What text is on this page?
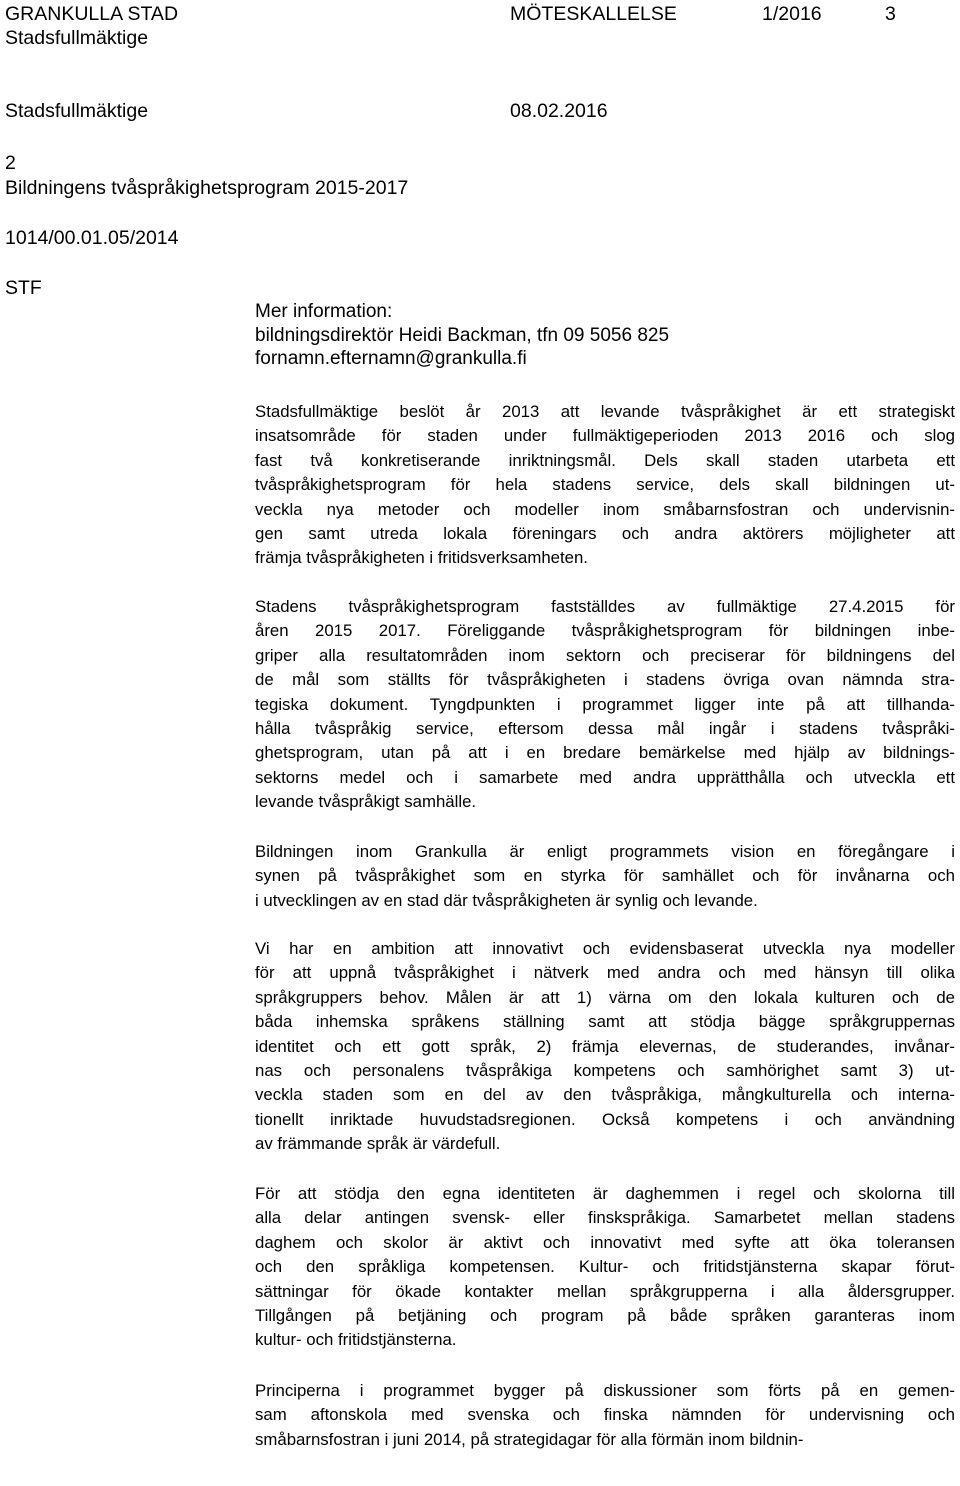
GRANKULLA STAD	MÖTESKALLELSE	1/2016	3
Stadsfullmäktige
Stadsfullmäktige	08.02.2016
2
Bildningens tvåspråkighetsprogram 2015-2017
1014/00.01.05/2014
STF
Mer information:
bildningsdirektör Heidi Backman, tfn 09 5056 825
fornamn.efternamn@grankulla.fi

Stadsfullmäktige beslöt år 2013 att levande tvåspråkighet är ett strategiskt
insatsområde för staden under fullmäktigeperioden 2013 2016 och slog
fast två konkretiserande inriktningsmål. Dels skall staden utarbeta ett
tvåspråkighetsprogram för hela stadens service, dels skall bildningen ut-
veckla nya metoder och modeller inom småbarnsfostran och undervisnin-
gen samt utreda lokala föreningars och andra aktörers möjligheter att
främja tvåspråkigheten i fritidsverksamheten.

Stadens tvåspråkighetsprogram fastställdes av fullmäktige 27.4.2015 för
åren 2015 2017. Föreliggande tvåspråkighetsprogram för bildningen inbe-
griper alla resultatområden inom sektorn och preciserar för bildningens del
de mål som ställts för tvåspråkigheten i stadens övriga ovan nämnda stra-
tegiska dokument. Tyngdpunkten i programmet ligger inte på att tillhanda-
hålla tvåspråkig service, eftersom dessa mål ingår i stadens tvåspråki-
ghetsprogram, utan på att i en bredare bemärkelse med hjälp av bildnings-
sektorns medel och i samarbete med andra upprätthålla och utveckla ett
levande tvåspråkigt samhälle.

Bildningen inom Grankulla är enligt programmets vision en föregångare i
synen på tvåspråkighet som en styrka för samhället och för invånarna och
i utvecklingen av en stad där tvåspråkigheten är synlig och levande.

Vi har en ambition att innovativt och evidensbaserat utveckla nya modeller
för att uppnå tvåspråkighet i nätverk med andra och med hänsyn till olika
språkgruppers behov. Målen är att 1) värna om den lokala kulturen och de
båda inhemska språkens ställning samt att stödja bägge språkgruppernas
identitet och ett gott språk, 2) främja elevernas, de studerandes, invånar-
nas och personalens tvåspråkiga kompetens och samhörighet samt 3) ut-
veckla staden som en del av den tvåspråkiga, mångkulturella och interna-
tionellt inriktade huvudstadsregionen. Också kompetens i och användning
av främmande språk är värdefull.

För att stödja den egna identiteten är daghemmen i regel och skolorna till
alla delar antingen svensk- eller finskspråkiga. Samarbetet mellan stadens
daghem och skolor är aktivt och innovativt med syfte att öka toleransen
och den språkliga kompetensen. Kultur- och fritidstjänsterna skapar förut-
sättningar för ökade kontakter mellan språkgrupperna i alla åldersgrupper.
Tillgången på betjäning och program på både språken garanteras inom
kultur- och fritidstjänsterna.

Principerna i programmet bygger på diskussioner som förts på en gemen-
sam aftonskola med svenska och finska nämnden för undervisning och
småbarnsfostran i juni 2014, på strategidagar för alla förmän inom bildnin-
